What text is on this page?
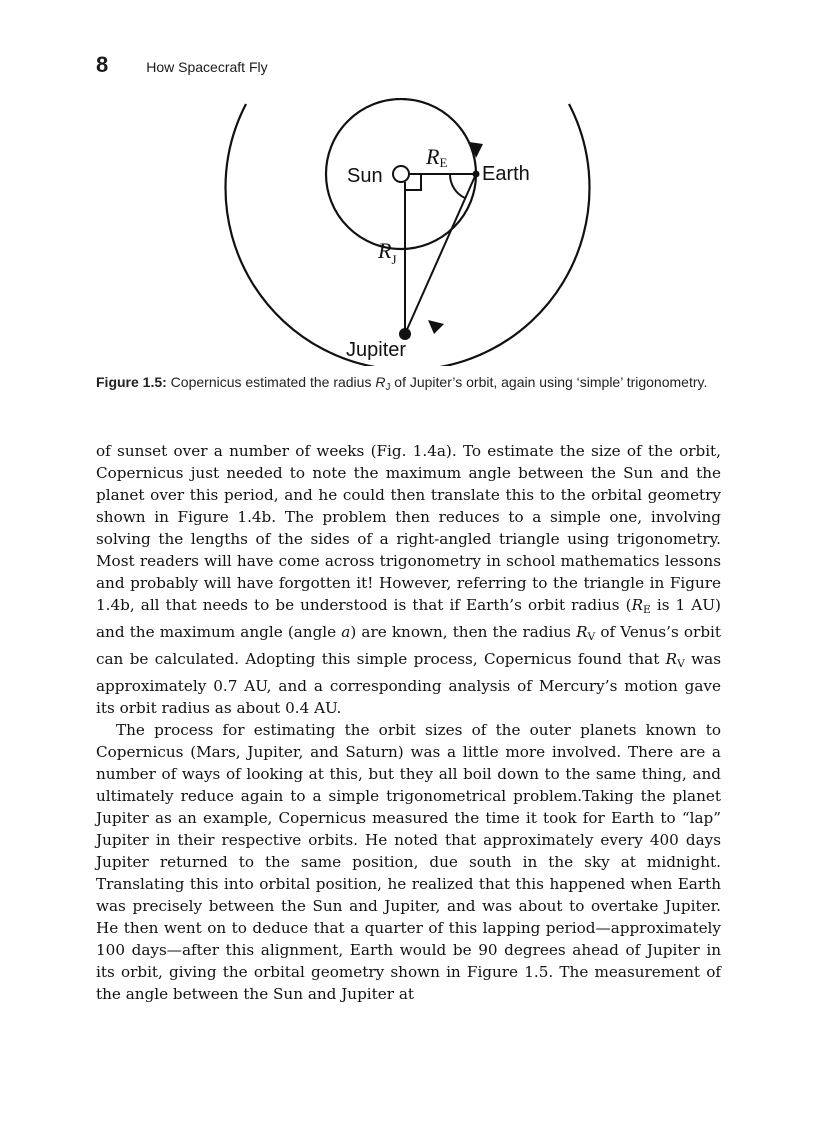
8	How Spacecraft Fly
Sun	Earth
Jupiter
RE
$R_J$
Figure 1.5: Copernicus estimated the radius $R_J$ of Jupiter’s orbit, again using ‘simple’ trigonometry.

of sunset over a number of weeks (Fig. 1.4a). To estimate the size of the orbit, Copernicus just needed to note the maximum angle between the Sun and the planet over this period, and he could then translate this to the orbital geometry shown in Figure 1.4b. The problem then reduces to a simple one, involving solving the lengths of the sides of a right-angled triangle using trigonometry. Most readers will have come across trigonometry in school mathematics lessons and probably will have forgotten it! However, referring to the triangle in Figure 1.4b, all that needs to be understood is that if Earth’s orbit radius (RE is 1 AU) and the maximum angle (angle a) are known, then the radius RV of Venus’s orbit can be calculated. Adopting this simple process, Copernicus found that RV was approximately 0.7 AU, and a corresponding analysis of Mercury’s motion gave its orbit radius as about 0.4 AU.

The process for estimating the orbit sizes of the outer planets known to Copernicus (Mars, Jupiter, and Saturn) was a little more involved. There are a number of ways of looking at this, but they all boil down to the same thing, and ultimately reduce again to a simple trigonometrical problem.Taking the planet Jupiter as an example, Copernicus measured the time it took for Earth to “lap” Jupiter in their respective orbits. He noted that approximately every 400 days Jupiter returned to the same position, due south in the sky at midnight. Translating this into orbital position, he realized that this happened when Earth was precisely between the Sun and Jupiter, and was about to overtake Jupiter. He then went on to deduce that a quarter of this lapping period—approximately 100 days—after this alignment, Earth would be 90 degrees ahead of Jupiter in its orbit, giving the orbital geometry shown in Figure 1.5. The measurement of the angle between the Sun and Jupiter at
